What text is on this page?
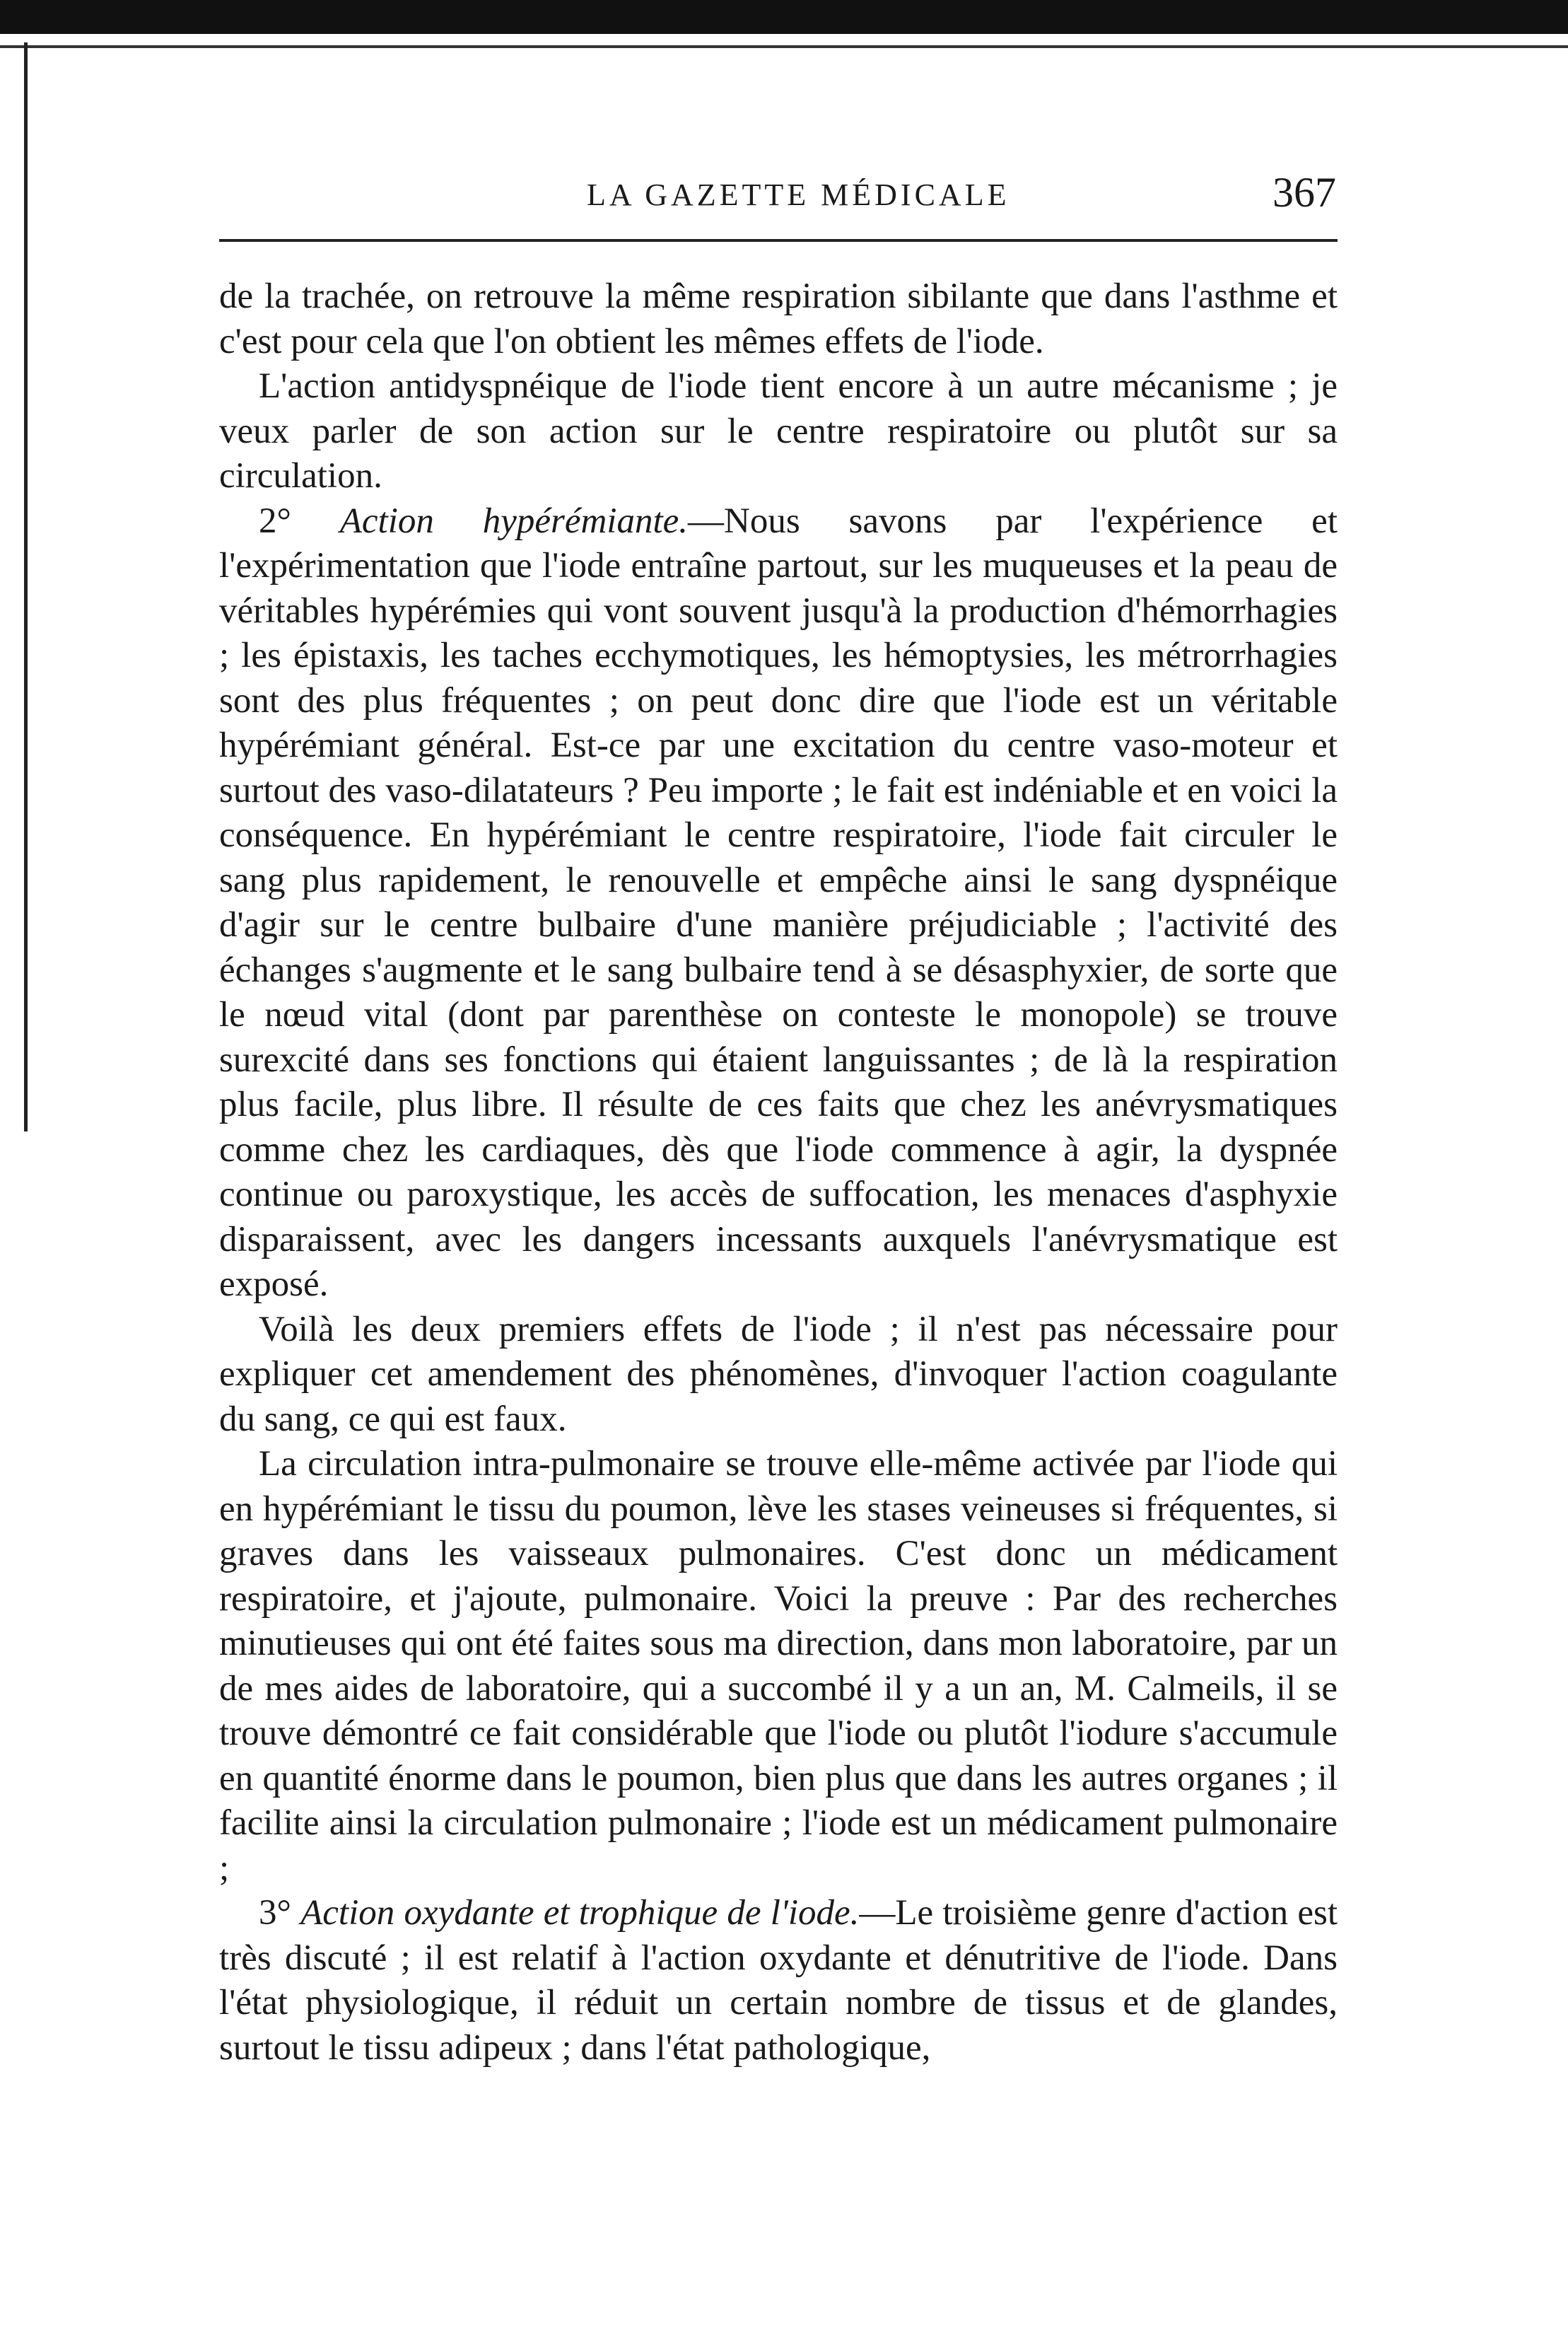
LA GAZETTE MÉDICALE	367

de la trachée, on retrouve la même respiration sibilante que dans l'asthme et c'est pour cela que l'on obtient les mêmes effets de l'iode.

L'action antidyspnéique de l'iode tient encore à un autre mécanisme ; je veux parler de son action sur le centre respiratoire ou plutôt sur sa circulation.

2° Action hypérémiante.—Nous savons par l'expérience et l'expérimentation que l'iode entraîne partout, sur les muqueuses et la peau de véritables hypérémies qui vont souvent jusqu'à la production d'hémorrhagies ; les épistaxis, les taches ecchymotiques, les hémoptysies, les métrorrhagies sont des plus fréquentes ; on peut donc dire que l'iode est un véritable hypérémiant général. Est-ce par une excitation du centre vaso-moteur et surtout des vaso-dilatateurs ? Peu importe ; le fait est indéniable et en voici la conséquence. En hypérémiant le centre respiratoire, l'iode fait circuler le sang plus rapidement, le renouvelle et empêche ainsi le sang dyspnéique d'agir sur le centre bulbaire d'une manière préjudiciable ; l'activité des échanges s'augmente et le sang bulbaire tend à se désasphyxier, de sorte que le nœud vital (dont par parenthèse on conteste le monopole) se trouve surexcité dans ses fonctions qui étaient languissantes ; de là la respiration plus facile, plus libre. Il résulte de ces faits que chez les anévrysmatiques comme chez les cardiaques, dès que l'iode commence à agir, la dyspnée continue ou paroxystique, les accès de suffocation, les menaces d'asphyxie disparaissent, avec les dangers incessants auxquels l'anévrysmatique est exposé.

Voilà les deux premiers effets de l'iode ; il n'est pas nécessaire pour expliquer cet amendement des phénomènes, d'invoquer l'action coagulante du sang, ce qui est faux.

La circulation intra-pulmonaire se trouve elle-même activée par l'iode qui en hypérémiant le tissu du poumon, lève les stases veineuses si fréquentes, si graves dans les vaisseaux pulmonaires. C'est donc un médicament respiratoire, et j'ajoute, pulmonaire. Voici la preuve : Par des recherches minutieuses qui ont été faites sous ma direction, dans mon laboratoire, par un de mes aides de laboratoire, qui a succombé il y a un an, M. Calmeils, il se trouve démontré ce fait considérable que l'iode ou plutôt l'iodure s'accumule en quantité énorme dans le poumon, bien plus que dans les autres organes ; il facilite ainsi la circulation pulmonaire ; l'iode est un médicament pulmonaire ;

3° Action oxydante et trophique de l'iode.—Le troisième genre d'action est très discuté ; il est relatif à l'action oxydante et dénutritive de l'iode. Dans l'état physiologique, il réduit un certain nombre de tissus et de glandes, surtout le tissu adipeux ; dans l'état pathologique,
